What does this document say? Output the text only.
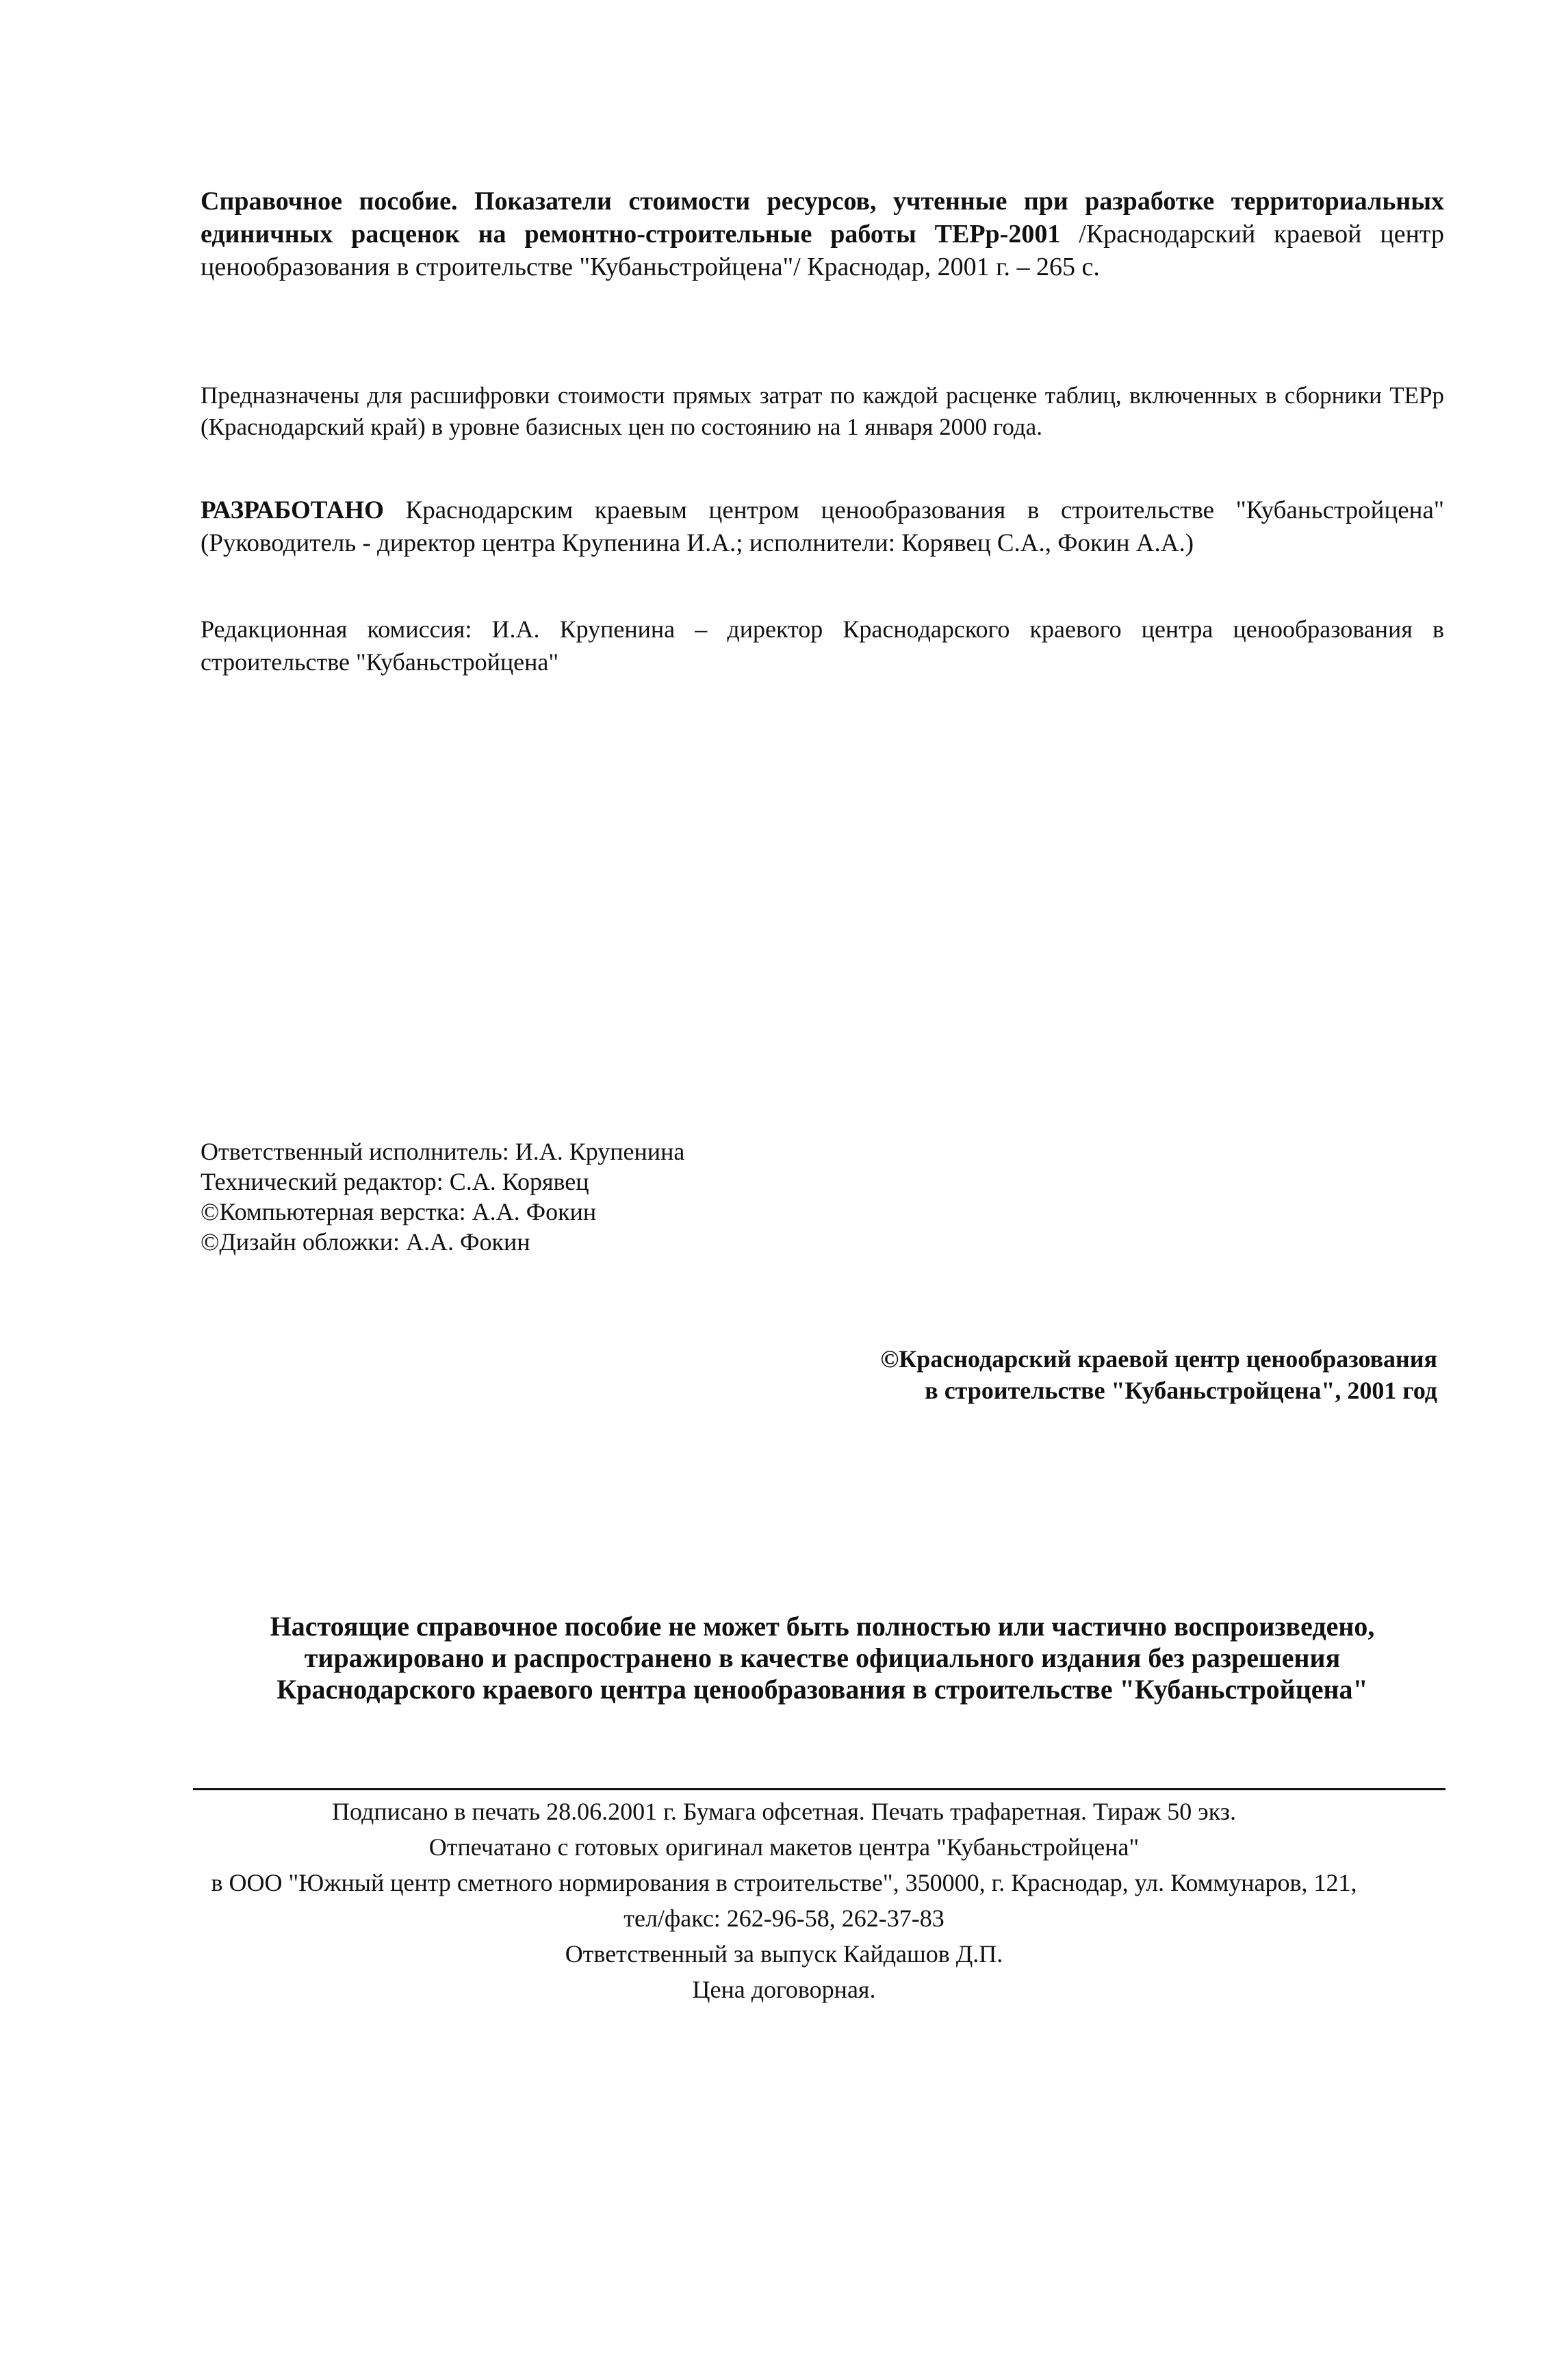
Справочное пособие. Показатели стоимости ресурсов, учтенные при разработке территориальных единичных расценок на ремонтно-строительные работы ТЕРр-2001 /Краснодарский краевой центр ценообразования в строительстве "Кубаньстройцена"/ Краснодар, 2001 г. – 265 с.
Предназначены для расшифровки стоимости прямых затрат по каждой расценке таблиц, включенных в сборники ТЕРр (Краснодарский край) в уровне базисных цен по состоянию на 1 января 2000 года.
РАЗРАБОТАНО Краснодарским краевым центром ценообразования в строительстве "Кубаньстройцена" (Руководитель - директор центра Крупенина И.А.; исполнители: Корявец С.А., Фокин А.А.)
Редакционная комиссия: И.А. Крупенина – директор Краснодарского краевого центра ценообразования в строительстве "Кубаньстройцена"
Ответственный исполнитель: И.А. Крупенина
Технический редактор: С.А. Корявец
©Компьютерная верстка: А.А. Фокин
©Дизайн обложки: А.А. Фокин
©Краснодарский краевой центр ценообразования
в строительстве "Кубаньстройцена", 2001 год
Настоящие справочное пособие не может быть полностью или частично воспроизведено,
тиражировано и распространено в качестве официального издания без разрешения
Краснодарского краевого центра ценообразования в строительстве "Кубаньстройцена"
Подписано в печать 28.06.2001 г. Бумага офсетная. Печать трафаретная. Тираж 50 экз.
Отпечатано с готовых оригинал макетов центра "Кубаньстройцена"
в ООО "Южный центр сметного нормирования в строительстве", 350000, г. Краснодар, ул. Коммунаров, 121,
тел/факс: 262-96-58, 262-37-83
Ответственный за выпуск Кайдашов Д.П.
Цена договорная.
